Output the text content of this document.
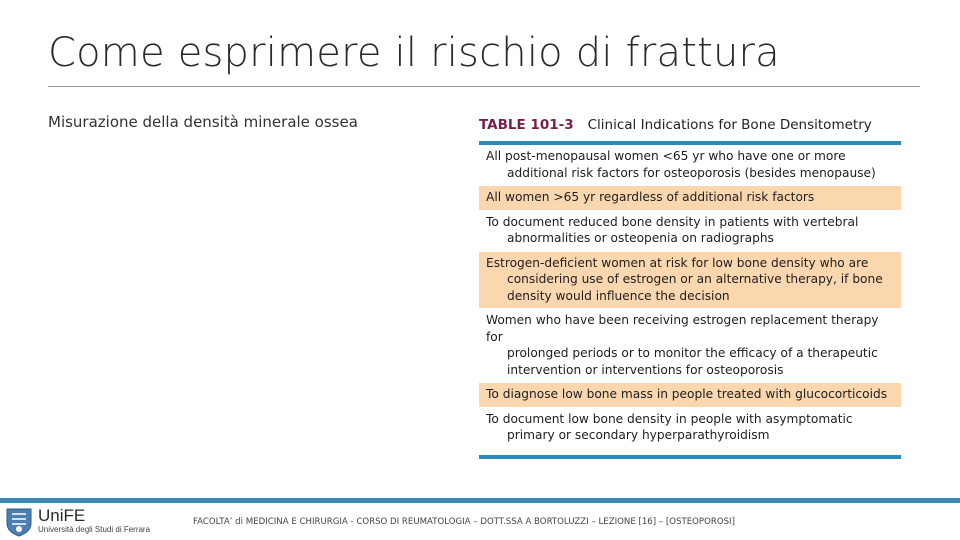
Come esprimere il rischio di frattura
Misurazione della densità minerale ossea	TABLE 101-3 Clinical Indications for Bone Densitometry
All post-menopausal women <65 yr who have one or more
additional risk factors for osteoporosis (besides menopause)
All women >65 yr regardless of additional risk factors
To document reduced bone density in patients with vertebral
abnormalities or osteopenia on radiographs
Estrogen-deficient women at risk for low bone density who are
considering use of estrogen or an alternative therapy, if bone density would influence the decision
Women who have been receiving estrogen replacement therapy for
prolonged periods or to monitor the efficacy of a therapeutic intervention or interventions for osteoporosis
To diagnose low bone mass in people treated with glucocorticoids
To document low bone density in people with asymptomatic
primary or secondary hyperparathyroidism
UniFE
Università degli Studi di Ferrara
FACOLTA’ di MEDICINA E CHIRURGIA - CORSO DI REUMATOLOGIA – DOTT.SSA A BORTOLUZZI – LEZIONE [16] – [OSTEOPOROSI]
